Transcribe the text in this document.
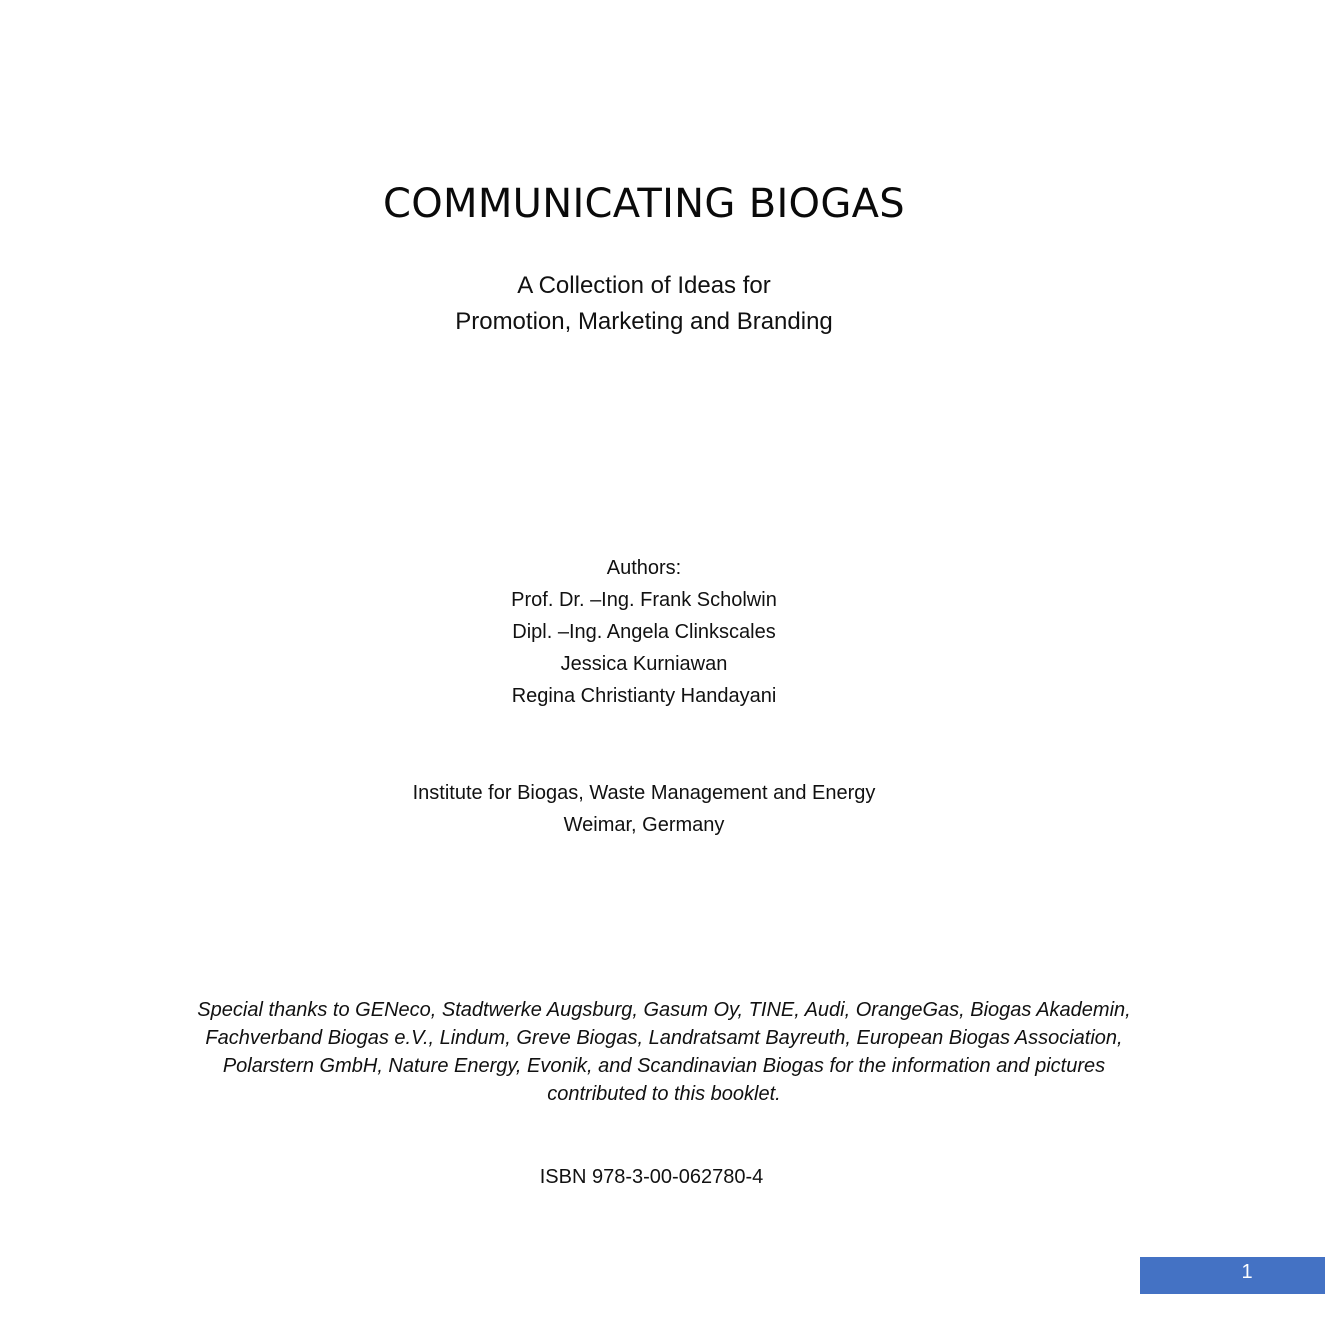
COMMUNICATING BIOGAS
A Collection of Ideas for
Promotion, Marketing and Branding
Authors:
Prof. Dr. –Ing. Frank Scholwin
Dipl. –Ing. Angela Clinkscales
Jessica Kurniawan
Regina Christianty Handayani
Institute for Biogas, Waste Management and Energy
Weimar, Germany

Special thanks to GENeco, Stadtwerke Augsburg, Gasum Oy, TINE, Audi, OrangeGas, Biogas Akademin, Fachverband Biogas e.V., Lindum, Greve Biogas, Landratsamt Bayreuth, European Biogas Association, Polarstern GmbH, Nature Energy, Evonik, and Scandinavian Biogas for the information and pictures contributed to this booklet.

ISBN 978-3-00-062780-4
1
